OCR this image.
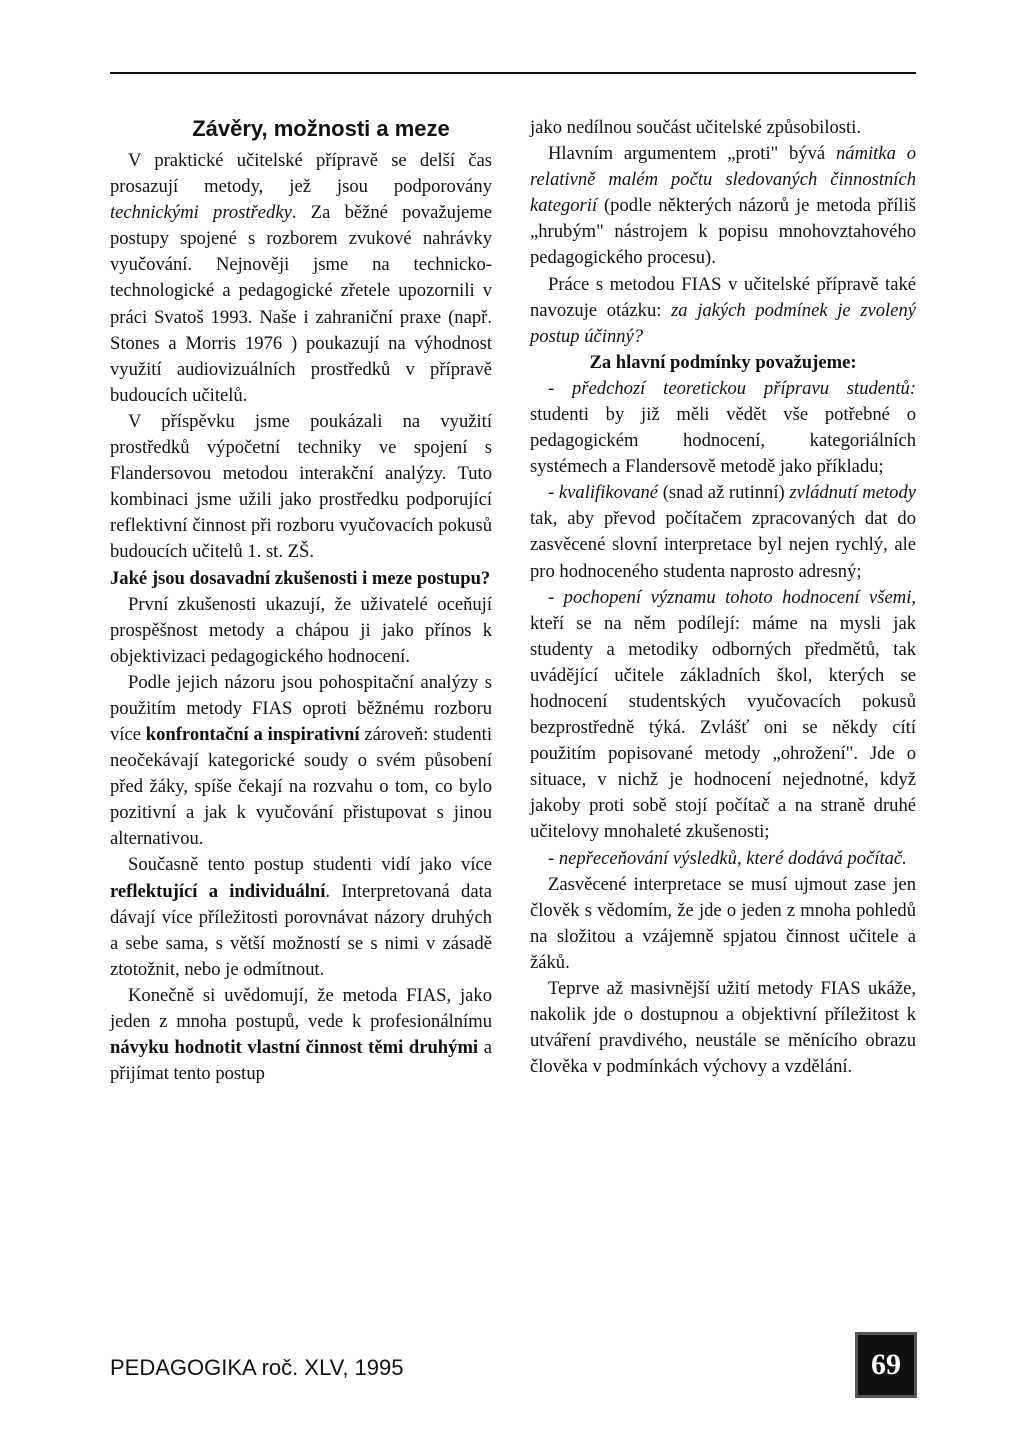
Závěry, možnosti a meze

V praktické učitelské přípravě se delší čas prosazují metody, jež jsou podporovány technickými prostředky. Za běžné považujeme postupy spojené s rozborem zvukové nahrávky vyučování. Nejnověji jsme na technicko-technologické a pedagogické zřetele upozornili v práci Svatoš 1993. Naše i zahraniční praxe (např. Stones a Morris 1976 ) poukazují na výhodnost využití audiovizuálních prostředků v přípravě budoucích učitelů.

V příspěvku jsme poukázali na využití prostředků výpočetní techniky ve spojení s Flandersovou metodou interakční analýzy. Tuto kombinaci jsme užili jako prostředku podporující reflektivní činnost při rozboru vyučovacích pokusů budoucích učitelů 1. st. ZŠ.

Jaké jsou dosavadní zkušenosti i meze postupu?

První zkušenosti ukazují, že uživatelé oceňují prospěšnost metody a chápou ji jako přínos k objektivizaci pedagogického hodnocení.

Podle jejich názoru jsou pohospitační analýzy s použitím metody FIAS oproti běžnému rozboru více konfrontační a inspirativní zároveň: studenti neočekávají kategorické soudy o svém působení před žáky, spíše čekají na rozvahu o tom, co bylo pozitivní a jak k vyučování přistupovat s jinou alternativou.

Současně tento postup studenti vidí jako více reflektující a individuální. Interpretovaná data dávají více příležitosti porovnávat názory druhých a sebe sama, s větší možností se s nimi v zásadě ztotožnit, nebo je odmítnout.

Konečně si uvědomují, že metoda FIAS, jako jeden z mnoha postupů, vede k profesionálnímu návyku hodnotit vlastní činnost těmi druhými a přijímat tento postup

jako nedílnou součást učitelské způsobilosti.

Hlavním argumentem „proti" bývá námitka o relativně malém počtu sledovaných činnostních kategorií (podle některých názorů je metoda příliš „hrubým" nástrojem k popisu mnohovztahového pedagogického procesu).

Práce s metodou FIAS v učitelské přípravě také navozuje otázku: za jakých podmínek je zvolený postup účinný?

Za hlavní podmínky považujeme:

- předchozí teoretickou přípravu studentů: studenti by již měli vědět vše potřebné o pedagogickém hodnocení, kategoriálních systémech a Flandersově metodě jako příkladu;

- kvalifikované (snad až rutinní) zvládnutí metody tak, aby převod počítačem zpracovaných dat do zasvěcené slovní interpretace byl nejen rychlý, ale pro hodnoceného studenta naprosto adresný;

- pochopení významu tohoto hodnocení všemi, kteří se na něm podílejí: máme na mysli jak studenty a metodiky odborných předmětů, tak uvádějící učitele základních škol, kterých se hodnocení studentských vyučovacích pokusů bezprostředně týká. Zvlášť oni se někdy cítí použitím popisované metody „ohrožení". Jde o situace, v nichž je hodnocení nejednotné, když jakoby proti sobě stojí počítač a na straně druhé učitelovy mnohaleté zkušenosti;

- nepřeceňování výsledků, které dodává počítač.

Zasvěcené interpretace se musí ujmout zase jen člověk s vědomím, že jde o jeden z mnoha pohledů na složitou a vzájemně spjatou činnost učitele a žáků.

Teprve až masivnější užití metody FIAS ukáže, nakolik jde o dostupnou a objektivní příležitost k utváření pravdivého, neustále se měnícího obrazu člověka v podmínkách výchovy a vzdělání.

PEDAGOGIKA roč. XLV, 1995	69
